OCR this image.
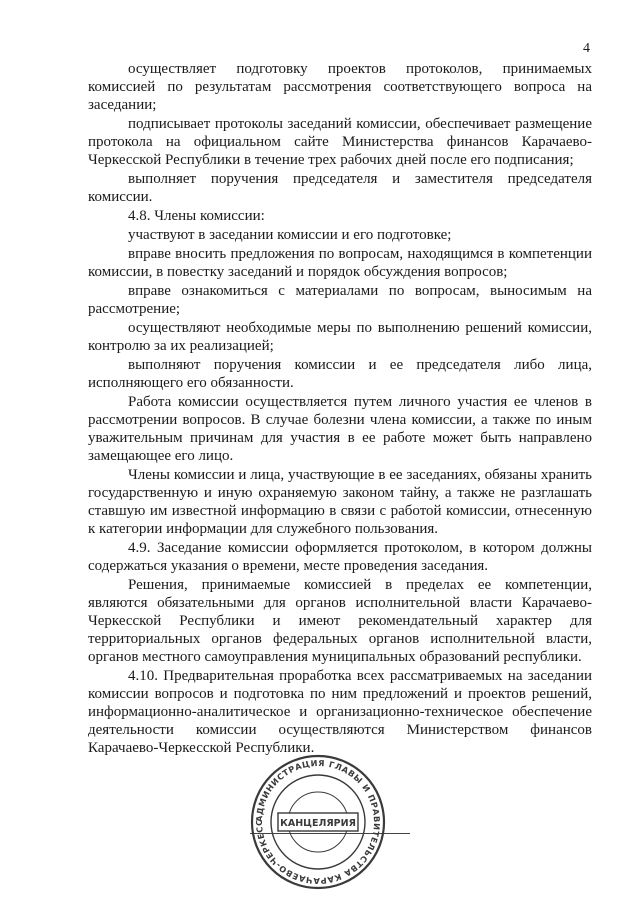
4

осуществляет подготовку проектов протоколов, принимаемых комиссией по результатам рассмотрения соответствующего вопроса на заседании;

подписывает протоколы заседаний комиссии, обеспечивает размещение протокола на официальном сайте Министерства финансов Карачаево-Черкесской Республики в течение трех рабочих дней после его подписания;

выполняет поручения председателя и заместителя председателя комиссии.

4.8. Члены комиссии:

участвуют в заседании комиссии и его подготовке;

вправе вносить предложения по вопросам, находящимся в компетенции комиссии, в повестку заседаний и порядок обсуждения вопросов;

вправе ознакомиться с материалами по вопросам, выносимым на рассмотрение;

осуществляют необходимые меры по выполнению решений комиссии, контролю за их реализацией;

выполняют поручения комиссии и ее председателя либо лица, исполняющего его обязанности.

Работа комиссии осуществляется путем личного участия ее членов в рассмотрении вопросов. В случае болезни члена комиссии, а также по иным уважительным причинам для участия в ее работе может быть направлено замещающее его лицо.

Члены комиссии и лица, участвующие в ее заседаниях, обязаны хранить государственную и иную охраняемую законом тайну, а также не разглашать ставшую им известной информацию в связи с работой комиссии, отнесенную к категории информации для служебного пользования.

4.9. Заседание комиссии оформляется протоколом, в котором должны содержаться указания о времени, месте проведения заседания.

Решения, принимаемые комиссией в пределах ее компетенции, являются обязательными для органов исполнительной власти Карачаево-Черкесской Республики и имеют рекомендательный характер для территориальных органов федеральных органов исполнительной власти, органов местного самоуправления муниципальных образований республики.

4.10. Предварительная проработка всех рассматриваемых на заседании комиссии вопросов и подготовка по ним предложений и проектов решений, информационно-аналитическое и организационно-техническое обеспечение деятельности комиссии осуществляются Министерством финансов Карачаево-Черкесской Республики.

АДМИНИСТРАЦИЯ ГЛАВЫ И ПРАВИТЕЛЬСТВА КАРАЧАЕВО-ЧЕРКЕСС	КАНЦЕЛЯРИЯ
